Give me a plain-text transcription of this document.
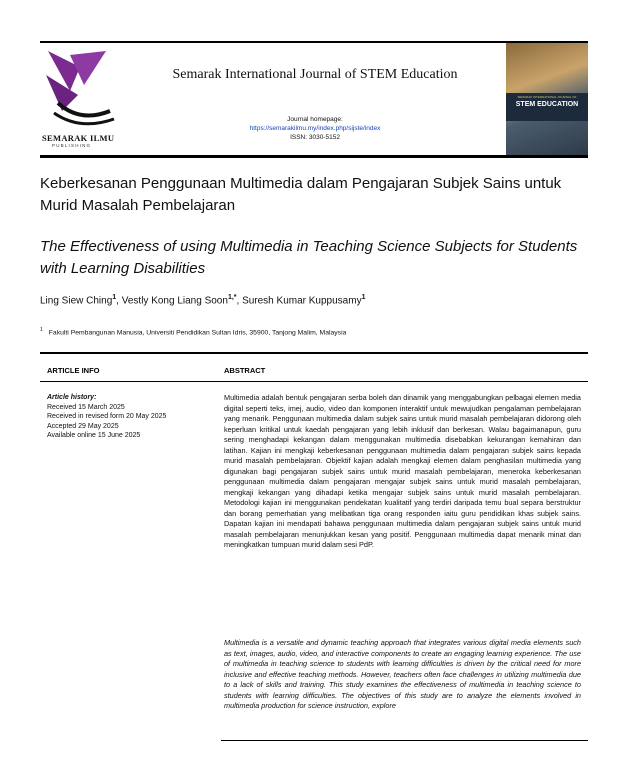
SEMARAK ILMU
PUBLISHING
Semarak International Journal of STEM Education
Journal homepage:
https://semarakilmu.my/index.php/sijste/index
ISSN: 3030-5152
SEMARAK INTERNATIONAL JOURNAL OF
STEM EDUCATION
Keberkesanan Penggunaan Multimedia dalam Pengajaran Subjek Sains untuk Murid Masalah Pembelajaran
The Effectiveness of using Multimedia in Teaching Science Subjects for Students with Learning Disabilities
Ling Siew Ching$^1$, Vestly Kong Liang Soon$^{1,*}$, Suresh Kumar Kuppusamy$^1$
$^1$ Fakulti Pembangunan Manusia, Universiti Pendidikan Sultan Idris, 35900, Tanjong Malim, Malaysia
ARTICLE INFO	ABSTRACT
Article history:
Received 15 March 2025
Received in revised form 20 May 2025
Accepted 29 May 2025
Available online 15 June 2025
Multimedia adalah bentuk pengajaran serba boleh dan dinamik yang menggabungkan pelbagai elemen media digital seperti teks, imej, audio, video dan komponen interaktif untuk mewujudkan pengalaman pembelajaran yang menarik. Penggunaan multimedia dalam subjek sains untuk murid masalah pembelajaran didorong oleh keperluan kritikal untuk kaedah pengajaran yang lebih inklusif dan berkesan. Walau bagaimanapun, guru sering menghadapi kekangan dalam menggunakan multimedia disebabkan kekurangan kemahiran dan latihan. Kajian ini mengkaji keberkesanan penggunaan multimedia dalam pengajaran subjek sains kepada murid masalah pembelajaran. Objektif kajian adalah mengkaji elemen dalam penghasilan multimedia yang digunakan bagi pengajaran subjek sains untuk murid masalah pembelajaran, meneroka keberkesanan penggunaan multimedia dalam pengajaran mengajar subjek sains untuk murid masalah pembelajaran, mengkaji kekangan yang dihadapi ketika mengajar subjek sains untuk murid masalah pembelajaran. Metodologi kajian ini menggunakan pendekatan kualitatif yang terdiri daripada temu bual separa berstruktur dan borang pemerhatian yang melibatkan tiga orang responden iaitu guru pendidikan khas subjek sains. Dapatan kajian ini mendapati bahawa penggunaan multimedia dalam pengajaran subjek sains untuk murid masalah pembelajaran menunjukkan kesan yang positif. Penggunaan multimedia dapat menarik minat dan meningkatkan tumpuan murid dalam sesi PdP.
Multimedia is a versatile and dynamic teaching approach that integrates various digital media elements such as text, images, audio, video, and interactive components to create an engaging learning experience. The use of multimedia in teaching science to students with learning difficulties is driven by the critical need for more inclusive and effective teaching methods. However, teachers often face challenges in utilizing multimedia due to a lack of skills and training. This study examines the effectiveness of multimedia in teaching science to students with learning difficulties. The objectives of this study are to analyze the elements involved in multimedia production for science instruction, explore
